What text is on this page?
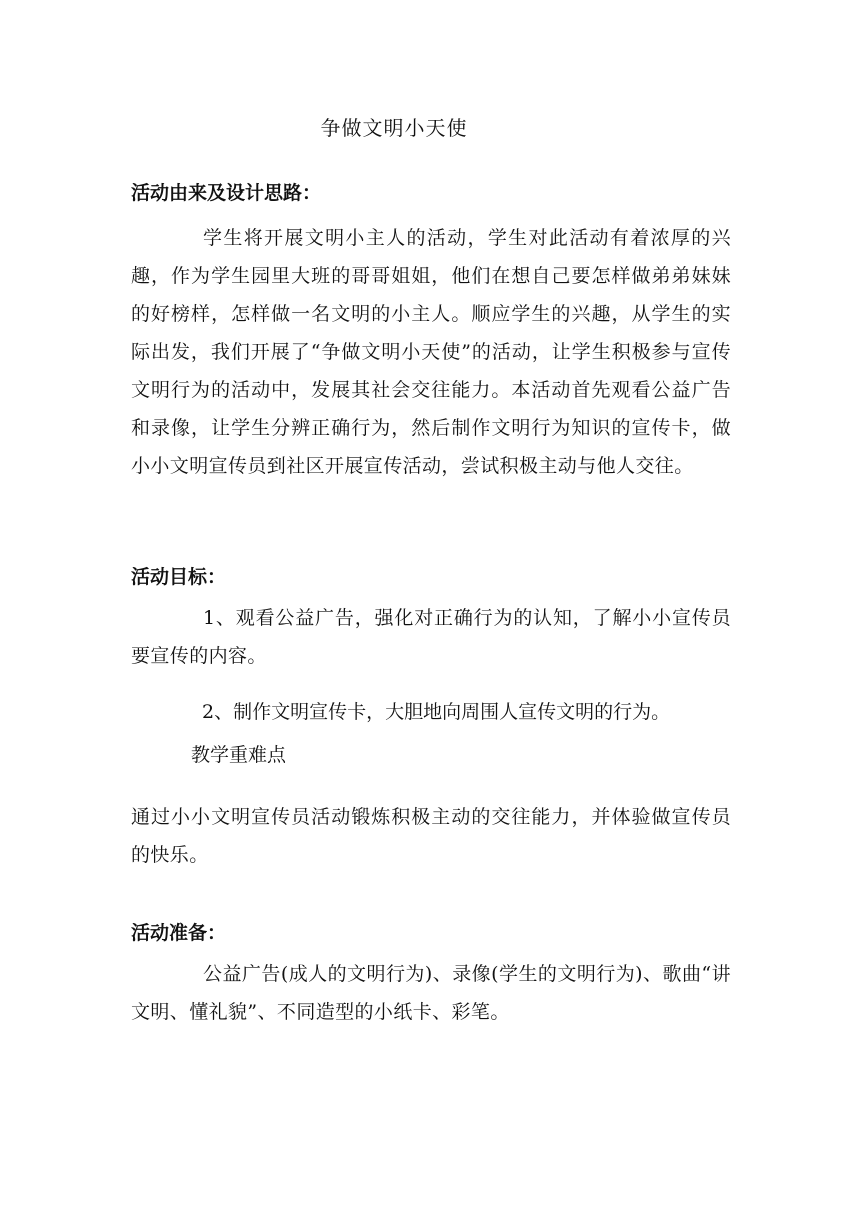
争做文明小天使
活动由来及设计思路：

学生将开展文明小主人的活动，学生对此活动有着浓厚的兴趣，作为学生园里大班的哥哥姐姐，他们在想自己要怎样做弟弟妹妹的好榜样，怎样做一名文明的小主人。顺应学生的兴趣，从学生的实际出发，我们开展了“争做文明小天使”的活动，让学生积极参与宣传文明行为的活动中，发展其社会交往能力。本活动首先观看公益广告和录像，让学生分辨正确行为，然后制作文明行为知识的宣传卡，做小小文明宣传员到社区开展宣传活动，尝试积极主动与他人交往。

活动目标：

1、观看公益广告，强化对正确行为的认知，了解小小宣传员要宣传的内容。

2、制作文明宣传卡，大胆地向周围人宣传文明的行为。
教学重难点

通过小小文明宣传员活动锻炼积极主动的交往能力，并体验做宣传员的快乐。

活动准备：

公益广告(成人的文明行为)、录像(学生的文明行为)、歌曲“讲文明、懂礼貌”、不同造型的小纸卡、彩笔。
